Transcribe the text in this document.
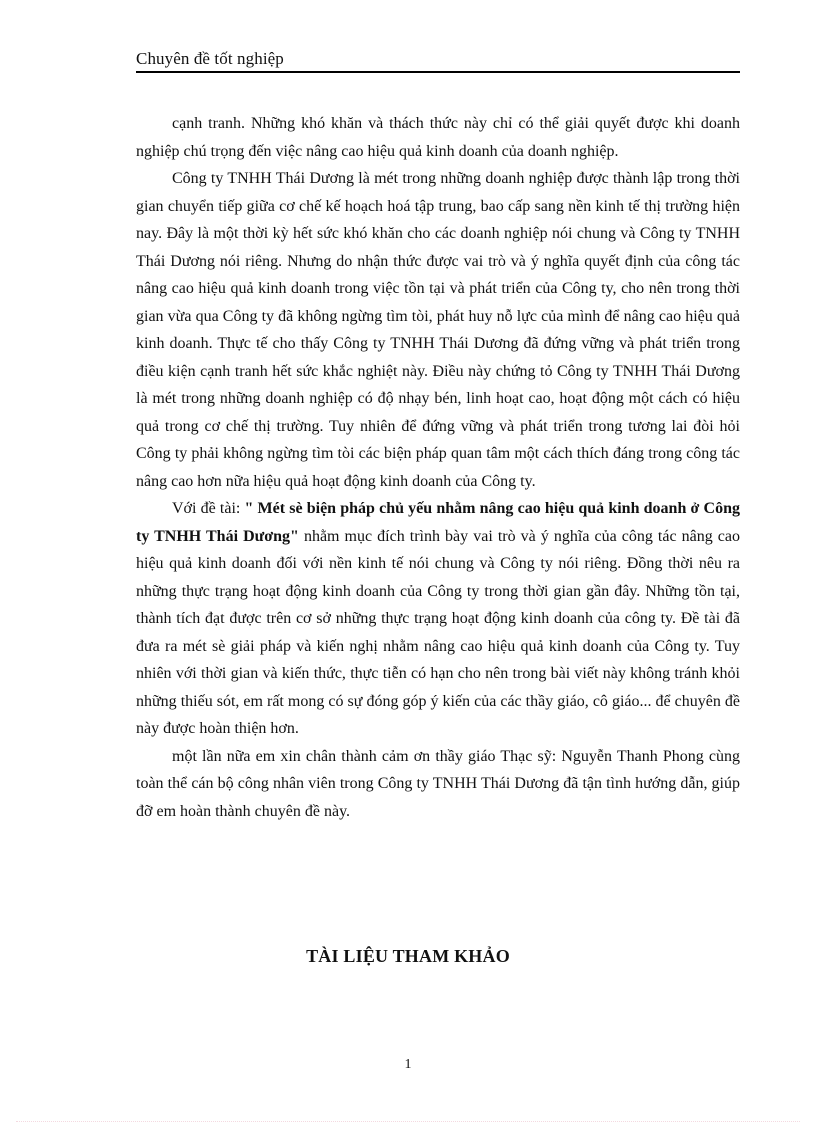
Chuyên đề tốt nghiệp

cạnh tranh. Những khó khăn và thách thức này chỉ có thể giải quyết được khi doanh nghiệp chú trọng đến việc nâng cao hiệu quả kinh doanh của doanh nghiệp.

Công ty TNHH Thái Dương là mét trong những doanh nghiệp được thành lập trong thời gian chuyển tiếp giữa cơ chế kế hoạch hoá tập trung, bao cấp sang nền kinh tế thị trường hiện nay. Đây là một thời kỳ hết sức khó khăn cho các doanh nghiệp nói chung và Công ty TNHH Thái Dương nói riêng. Nhưng do nhận thức được vai trò và ý nghĩa quyết định của công tác nâng cao hiệu quả kinh doanh trong việc tồn tại và phát triển của Công ty, cho nên trong thời gian vừa qua Công ty đã không ngừng tìm tòi, phát huy nỗ lực của mình để nâng cao hiệu quả kinh doanh. Thực tế cho thấy Công ty TNHH Thái Dương đã đứng vững và phát triển trong điều kiện cạnh tranh hết sức khắc nghiệt này. Điều này chứng tỏ Công ty TNHH Thái Dương là mét trong những doanh nghiệp có độ nhạy bén, linh hoạt cao, hoạt động một cách có hiệu quả trong cơ chế thị trường. Tuy nhiên để đứng vững và phát triển trong tương lai đòi hỏi Công ty phải không ngừng tìm tòi các biện pháp quan tâm một cách thích đáng trong công tác nâng cao hơn nữa hiệu quả hoạt động kinh doanh của Công ty.

Với đề tài: " Mét sè biện pháp chủ yếu nhằm nâng cao hiệu quả kinh doanh ở Công ty TNHH Thái Dương" nhằm mục đích trình bày vai trò và ý nghĩa của công tác nâng cao hiệu quả kinh doanh đối với nền kinh tế nói chung và Công ty nói riêng. Đồng thời nêu ra những thực trạng hoạt động kinh doanh của Công ty trong thời gian gần đây. Những tồn tại, thành tích đạt được trên cơ sở những thực trạng hoạt động kinh doanh của công ty. Đề tài đã đưa ra mét sè giải pháp và kiến nghị nhằm nâng cao hiệu quả kinh doanh của Công ty. Tuy nhiên với thời gian và kiến thức, thực tiễn có hạn cho nên trong bài viết này không tránh khỏi những thiếu sót, em rất mong có sự đóng góp ý kiến của các thầy giáo, cô giáo... để chuyên đề này được hoàn thiện hơn.

một lần nữa em xin chân thành cảm ơn thầy giáo Thạc sỹ: Nguyễn Thanh Phong cùng toàn thể cán bộ công nhân viên trong Công ty TNHH Thái Dương đã tận tình hướng dẫn, giúp đỡ em hoàn thành chuyên đề này.

TÀI LIỆU THAM KHẢO
1
